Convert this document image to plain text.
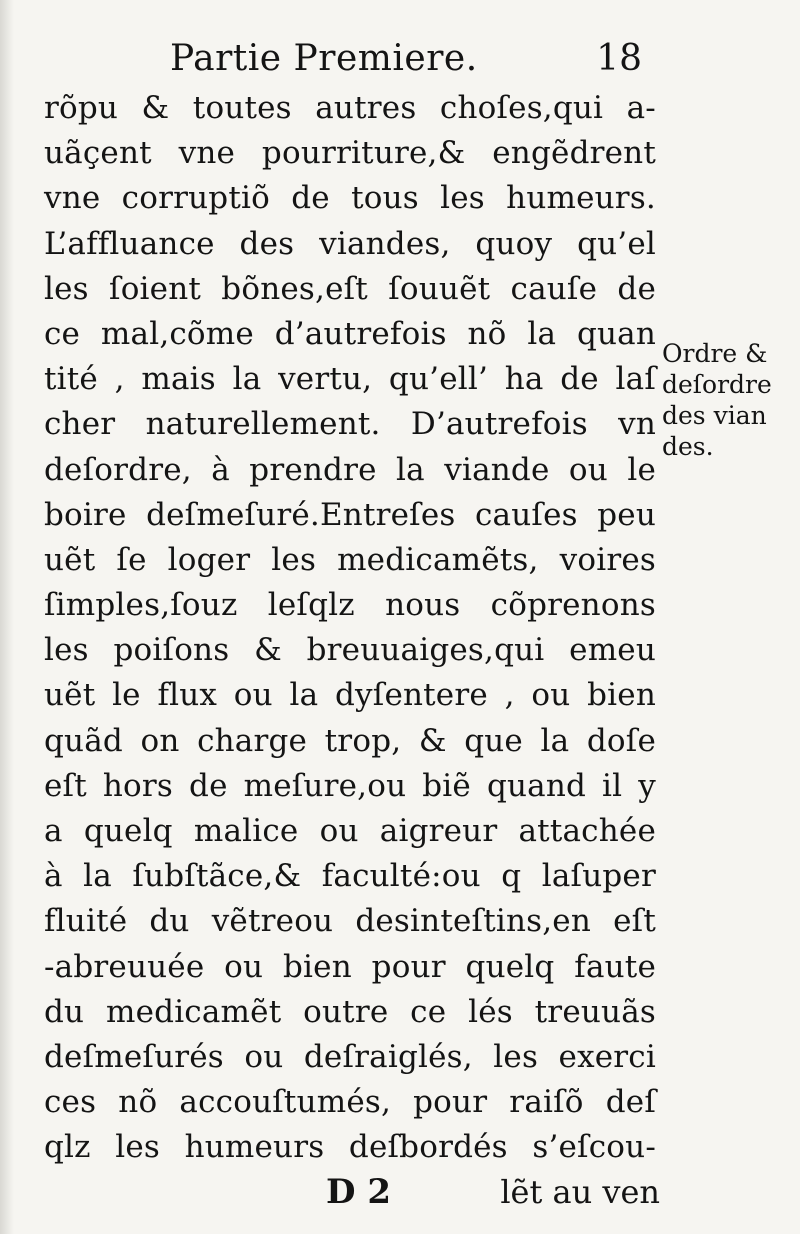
Partie Premiere.	18
rõpu & toutes autres choſes,qui a-
uãçent vne pourriture,& engẽdrent
vne corruptiõ de tous les humeurs.
L’affluance des viandes, quoy qu’el
les ſoient bõnes,eſt ſouuẽt cauſe de
ce mal,cõme d’autrefois nõ la quan
tité , mais la vertu, qu’ell’ ha de laſ
cher naturellement. D’autrefois vn
deſordre, à prendre la viande ou le
boire deſmeſuré.Entreſes cauſes peu
uẽt ſe loger les medicamẽts, voires
ſimples,ſouz leſqlz nous cõprenons
les poiſons & breuuaiges,qui emeu
uẽt le flux ou la dyſentere , ou bien
quãd on charge trop, & que la doſe
eſt hors de meſure,ou biẽ quand il y
a quelq malice ou aigreur attachée
à la ſubſtãce,& faculté:ou q laſuper
fluité du vẽtreou desinteſtins,en eſt
-abreuuée ou bien pour quelq faute
du medicamẽt outre ce lés treuuãs
deſmeſurés ou deſraiglés, les exerci
ces nõ accouſtumés, pour raiſõ deſ
qlz les humeurs deſbordés s’eſcou-
Ordre &
deſordre
des vian
des.
D 2	lẽt au ven
